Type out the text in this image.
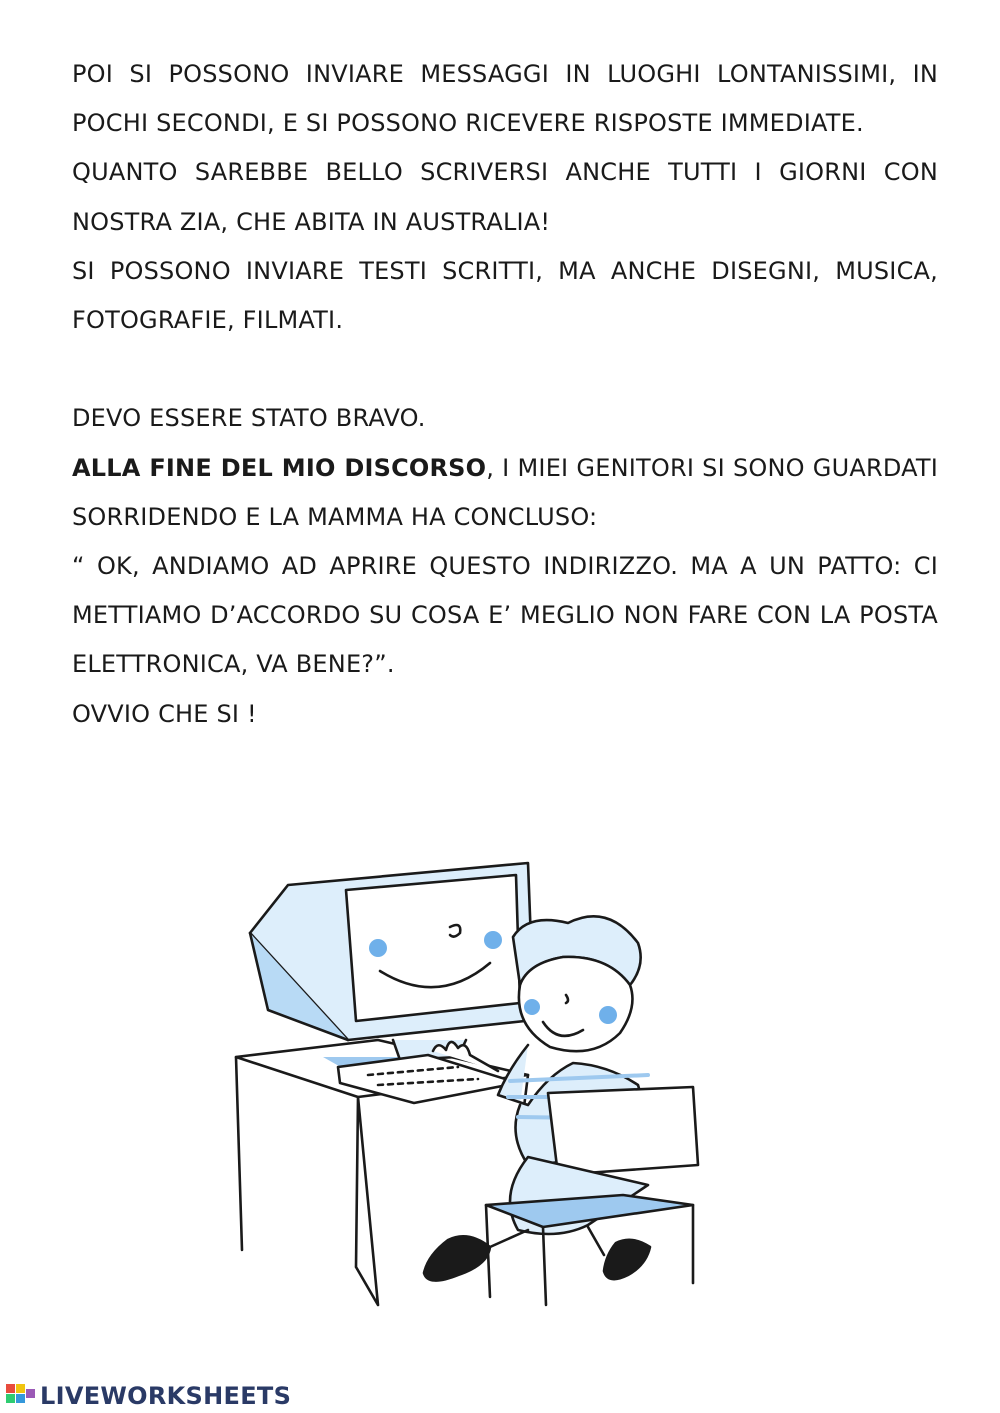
POI SI POSSONO INVIARE MESSAGGI IN LUOGHI LONTANISSIMI, IN POCHI SECONDI, E SI POSSONO RICEVERE RISPOSTE IMMEDIATE.

QUANTO SAREBBE BELLO SCRIVERSI ANCHE TUTTI I GIORNI CON NOSTRA ZIA, CHE ABITA IN AUSTRALIA!

SI POSSONO INVIARE TESTI SCRITTI, MA ANCHE DISEGNI, MUSICA, FOTOGRAFIE, FILMATI.

DEVO ESSERE STATO BRAVO.

ALLA FINE DEL MIO DISCORSO, I MIEI GENITORI SI SONO GUARDATI SORRIDENDO E LA MAMMA HA CONCLUSO:

“ OK, ANDIAMO AD APRIRE QUESTO INDIRIZZO. MA A UN PATTO: CI METTIAMO D’ACCORDO SU COSA E’ MEGLIO NON FARE CON LA POSTA ELETTRONICA, VA BENE?”.

OVVIO CHE SI !

LIVEWORKSHEETS
